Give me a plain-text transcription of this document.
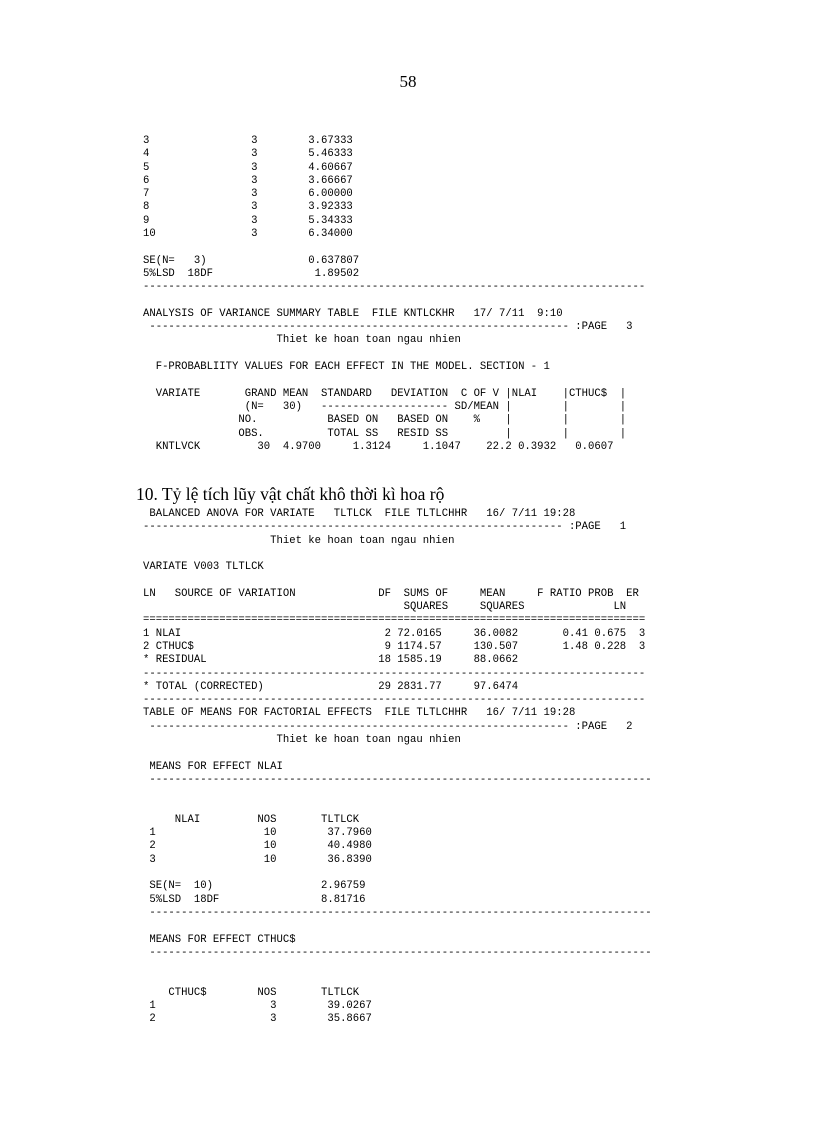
58
3                3        3.67333
4                3        5.46333
5                3        4.60667
6                3        3.66667
7                3        6.00000
8                3        3.92333
9                3        5.34333
10               3        6.34000
SE(N=   3)                0.637807
5%LSD  18DF                1.89502
-------------------------------------------------------------------------------
ANALYSIS OF VARIANCE SUMMARY TABLE  FILE KNTLCKHR   17/ 7/11  9:10
------------------------------------------------------------------ :PAGE   3
Thiet ke hoan toan ngau nhien
F-PROBABLIITY VALUES FOR EACH EFFECT IN THE MODEL. SECTION - 1
VARIATE       GRAND MEAN  STANDARD   DEVIATION  C OF V |NLAI    |CTHUC$  |
(N=   30)   -------------------- SD/MEAN |        |        |
NO.           BASED ON   BASED ON    %    |        |        |
OBS.          TOTAL SS   RESID SS         |        |        |
KNTLVCK         30  4.9700     1.3124     1.1047    22.2 0.3932   0.0607
10. Tỷ lệ tích lũy vật chất khô thời kì hoa rộ
BALANCED ANOVA FOR VARIATE   TLTLCK  FILE TLTLCHHR   16/ 7/11 19:28
------------------------------------------------------------------ :PAGE   1
Thiet ke hoan toan ngau nhien
VARIATE V003 TLTLCK
LN   SOURCE OF VARIATION             DF  SUMS OF     MEAN     F RATIO PROB  ER
SQUARES     SQUARES              LN
===============================================================================
1 NLAI                                2 72.0165     36.0082       0.41 0.675  3
2 CTHUC$                              9 1174.57     130.507       1.48 0.228  3
* RESIDUAL                           18 1585.19     88.0662
-------------------------------------------------------------------------------
* TOTAL (CORRECTED)                  29 2831.77     97.6474
-------------------------------------------------------------------------------
TABLE OF MEANS FOR FACTORIAL EFFECTS  FILE TLTLCHHR   16/ 7/11 19:28
------------------------------------------------------------------ :PAGE   2
Thiet ke hoan toan ngau nhien
MEANS FOR EFFECT NLAI
-------------------------------------------------------------------------------
NLAI         NOS       TLTLCK
1                 10        37.7960
2                 10        40.4980
3                 10        36.8390
SE(N=  10)                 2.96759
5%LSD  18DF                8.81716
-------------------------------------------------------------------------------
MEANS FOR EFFECT CTHUC$
-------------------------------------------------------------------------------
CTHUC$        NOS       TLTLCK
1                  3        39.0267
2                  3        35.8667
